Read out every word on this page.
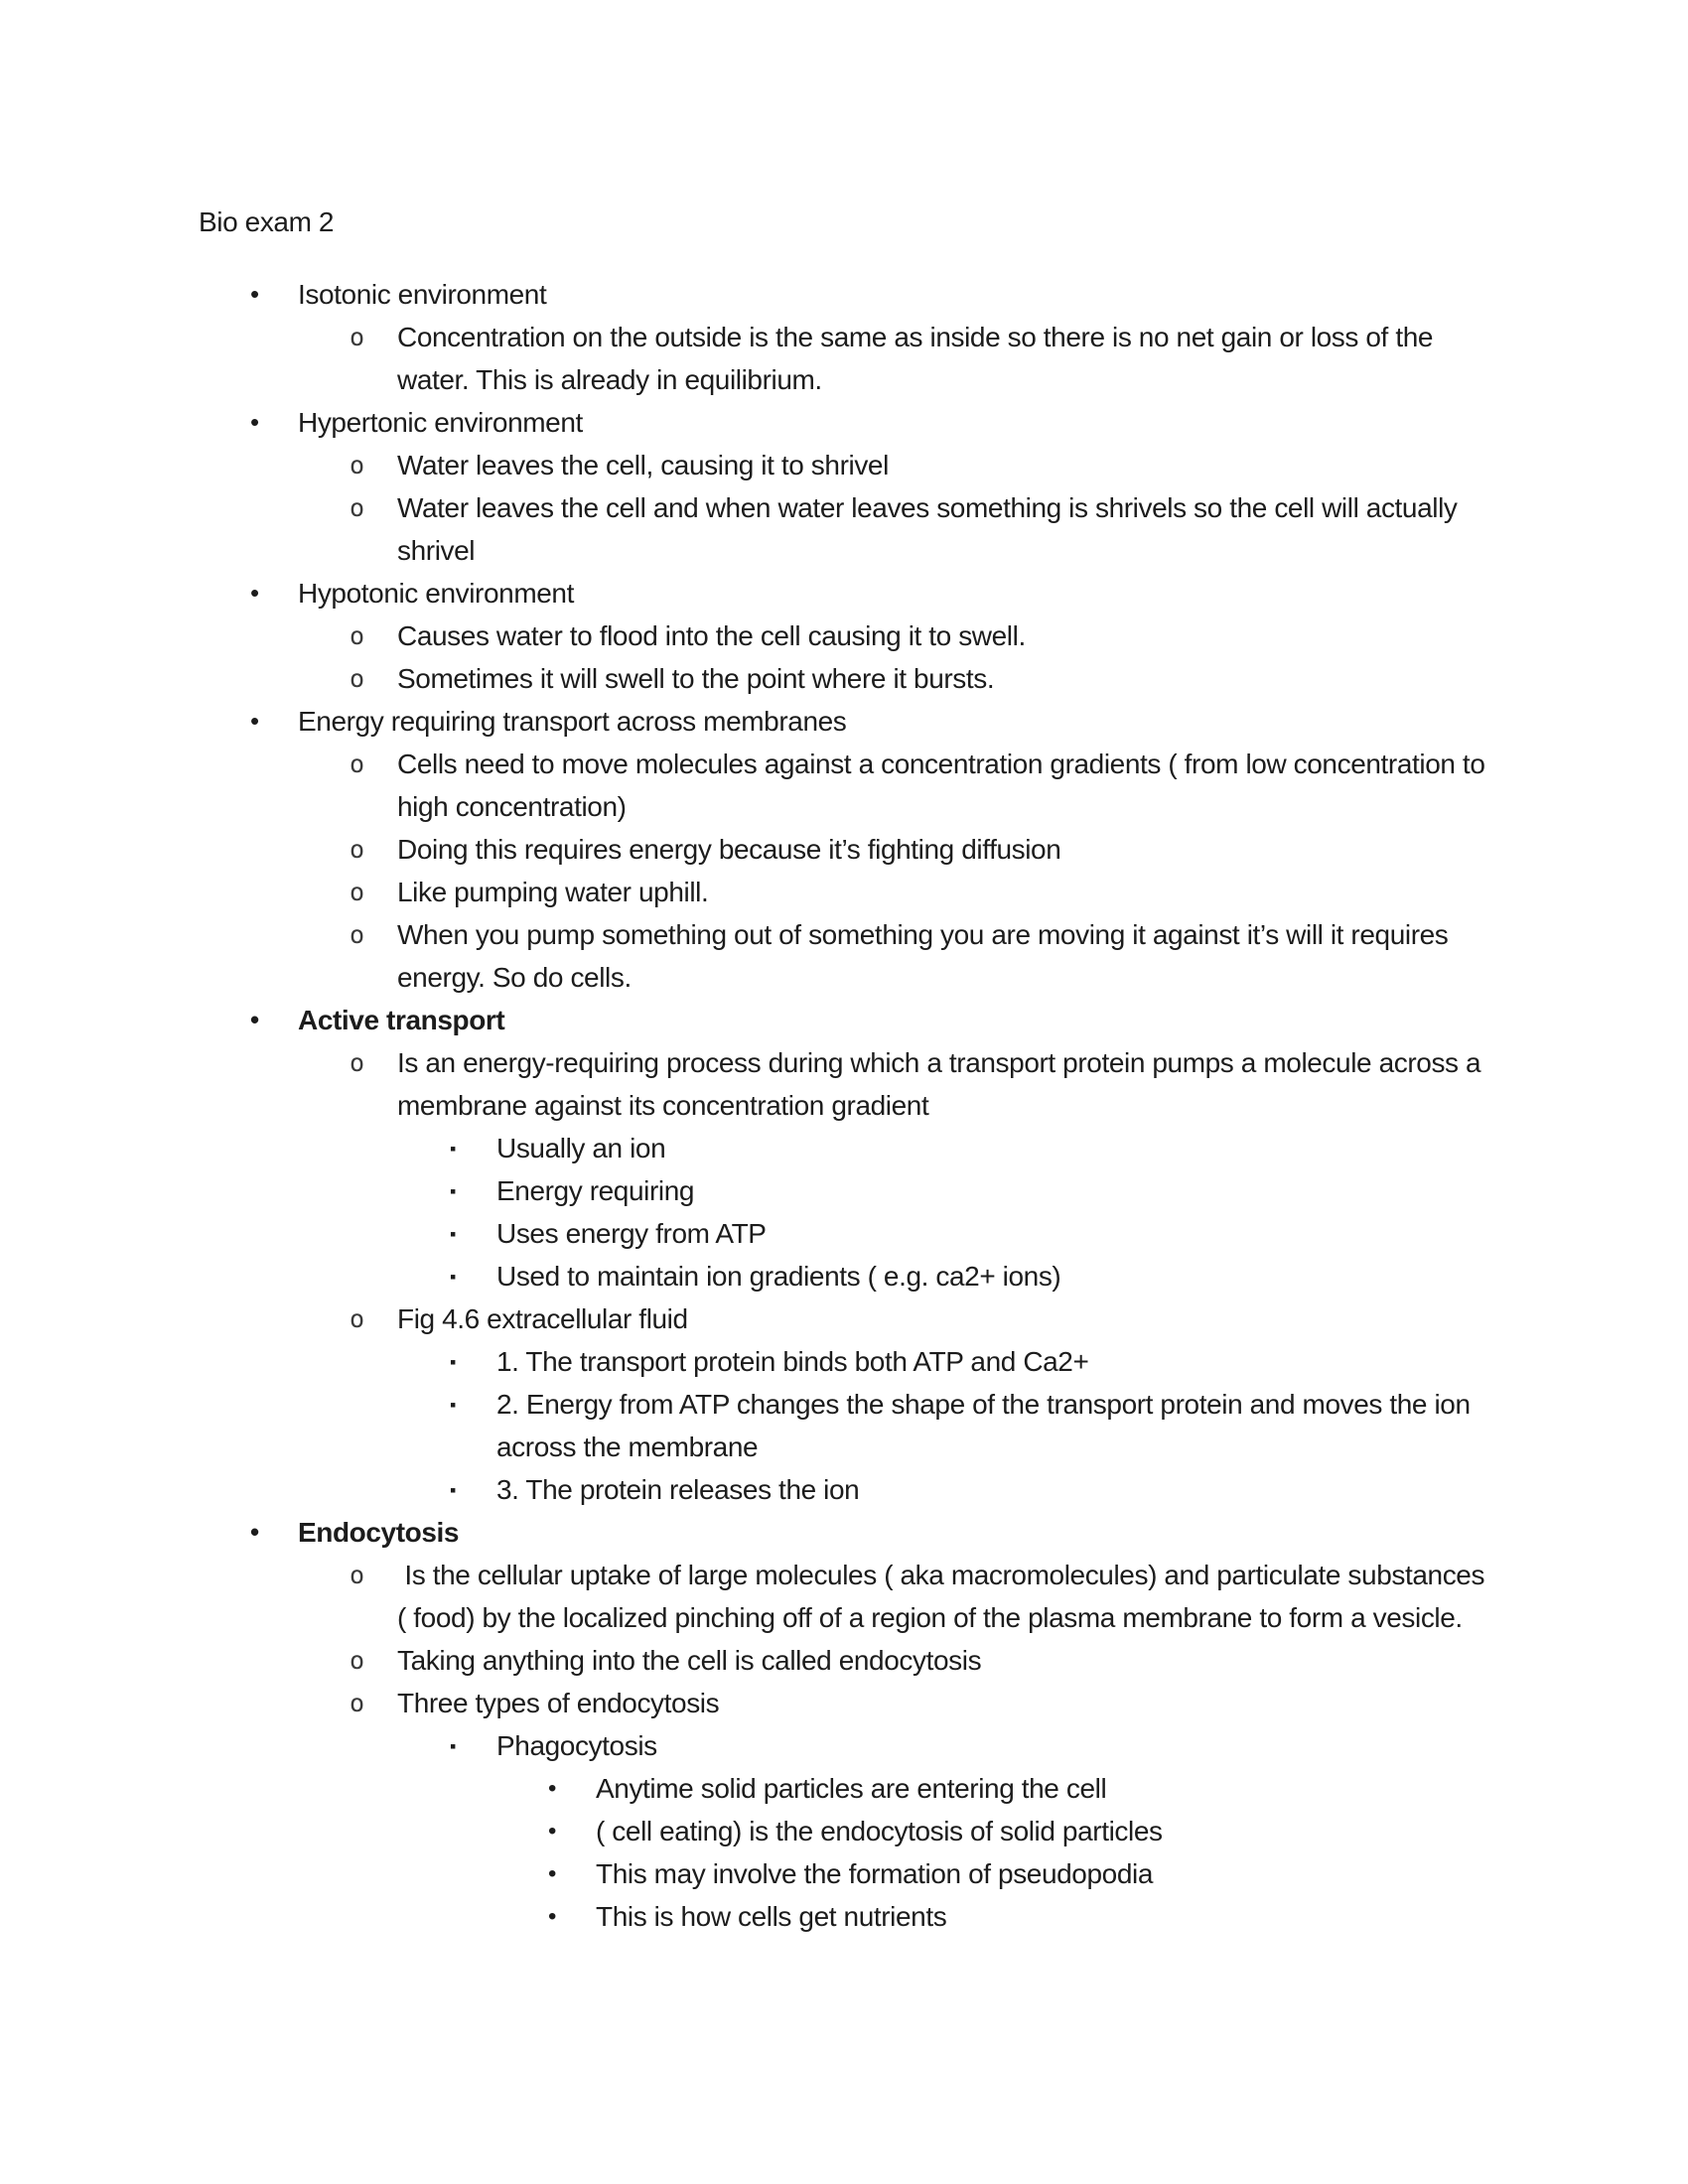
Bio exam 2

• Isotonic environment
o Concentration on the outside is the same as inside so there is no net gain or loss of the water. This is already in equilibrium.
• Hypertonic environment
o Water leaves the cell, causing it to shrivel
o Water leaves the cell and when water leaves something is shrivels so the cell will actually shrivel
• Hypotonic environment
o Causes water to flood into the cell causing it to swell.
o Sometimes it will swell to the point where it bursts.
• Energy requiring transport across membranes
o Cells need to move molecules against a concentration gradients ( from low concentration to high concentration)
o Doing this requires energy because it’s fighting diffusion
o Like pumping water uphill.
o When you pump something out of something you are moving it against it’s will it requires energy. So do cells.
• Active transport
o Is an energy-requiring process during which a transport protein pumps a molecule across a membrane against its concentration gradient
▪ Usually an ion
▪ Energy requiring
▪ Uses energy from ATP
▪ Used to maintain ion gradients ( e.g. ca2+ ions)
o Fig 4.6 extracellular fluid
▪ 1. The transport protein binds both ATP and Ca2+
▪ 2. Energy from ATP changes the shape of the transport protein and moves the ion across the membrane
▪ 3. The protein releases the ion
• Endocytosis
o Is the cellular uptake of large molecules ( aka macromolecules) and particulate substances ( food) by the localized pinching off of a region of the plasma membrane to form a vesicle.
o Taking anything into the cell is called endocytosis
o Three types of endocytosis
▪ Phagocytosis
• Anytime solid particles are entering the cell
• ( cell eating) is the endocytosis of solid particles
• This may involve the formation of pseudopodia
• This is how cells get nutrients
